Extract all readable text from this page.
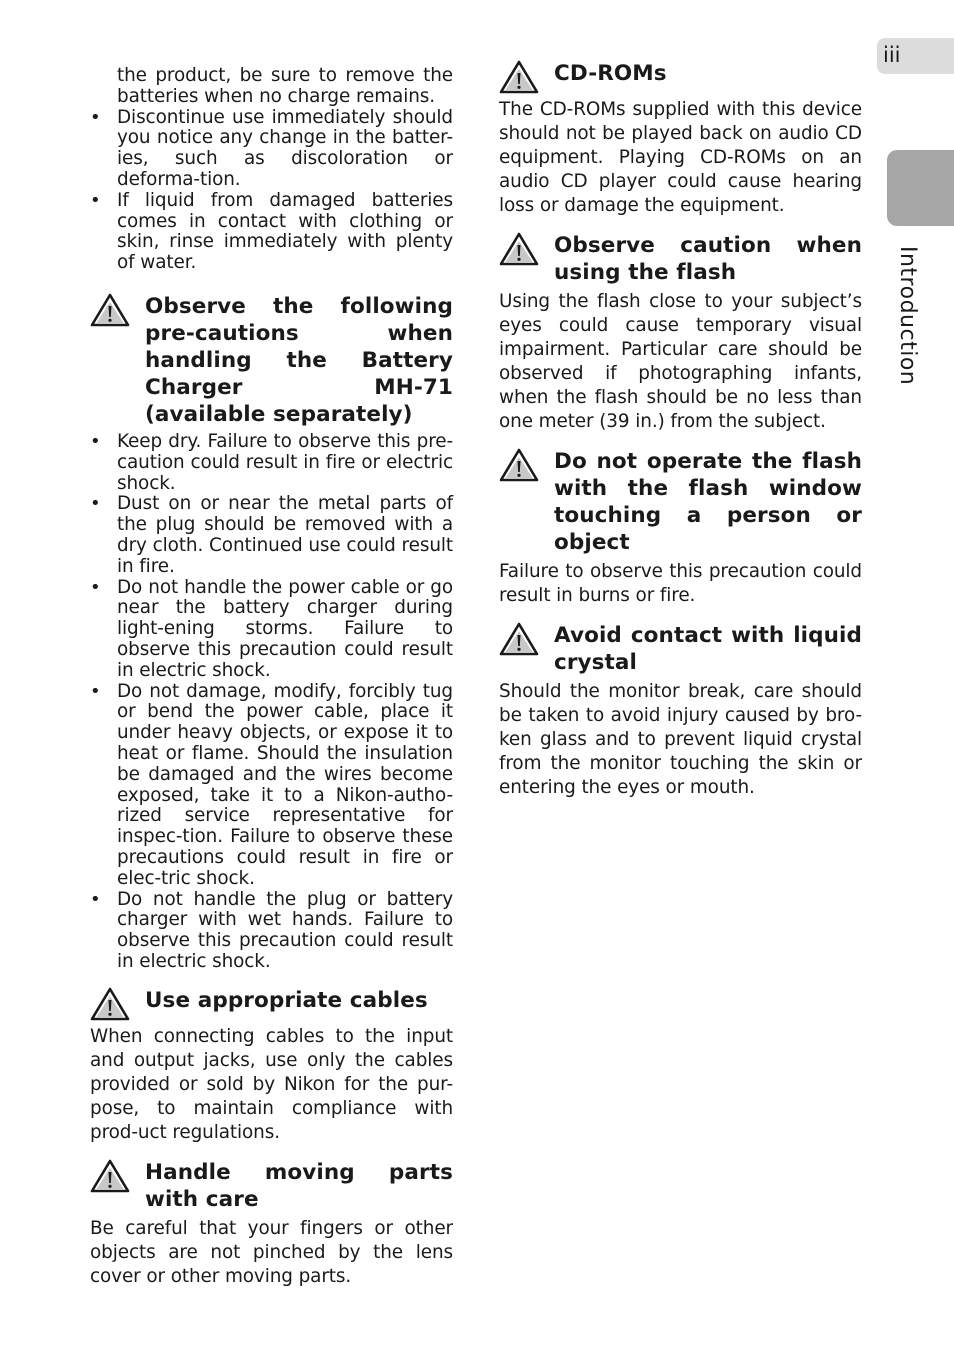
iii
Introduction

the product, be sure to remove the batteries when no charge remains.

• Discontinue use immediately should you notice any change in the batter-ies, such as discoloration or deforma-tion.
• If liquid from damaged batteries comes in contact with clothing or skin, rinse immediately with plenty of water.
Observe the following pre-cautions when handling the Battery Charger MH-71 (available separately)
• Keep dry. Failure to observe this pre-caution could result in fire or electric shock.
• Dust on or near the metal parts of the plug should be removed with a dry cloth. Continued use could result in fire.
• Do not handle the power cable or go near the battery charger during light-ening storms. Failure to observe this precaution could result in electric shock.
• Do not damage, modify, forcibly tug or bend the power cable, place it under heavy objects, or expose it to heat or flame. Should the insulation be damaged and the wires become exposed, take it to a Nikon-autho-rized service representative for inspec-tion. Failure to observe these precautions could result in fire or elec-tric shock.
• Do not handle the plug or battery charger with wet hands. Failure to observe this precaution could result in electric shock.
Use appropriate cables

When connecting cables to the input and output jacks, use only the cables provided or sold by Nikon for the pur-pose, to maintain compliance with prod-uct regulations.

Handle moving parts with care

Be careful that your fingers or other objects are not pinched by the lens cover or other moving parts.

CD-ROMs

The CD-ROMs supplied with this device should not be played back on audio CD equipment. Playing CD-ROMs on an audio CD player could cause hearing loss or damage the equipment.

Observe caution when using the flash

Using the flash close to your subject’s eyes could cause temporary visual impairment. Particular care should be observed if photographing infants, when the flash should be no less than one meter (39 in.) from the subject.

Do not operate the flash with the flash window touching a person or object

Failure to observe this precaution could result in burns or fire.

Avoid contact with liquid crystal

Should the monitor break, care should be taken to avoid injury caused by bro-ken glass and to prevent liquid crystal from the monitor touching the skin or entering the eyes or mouth.
